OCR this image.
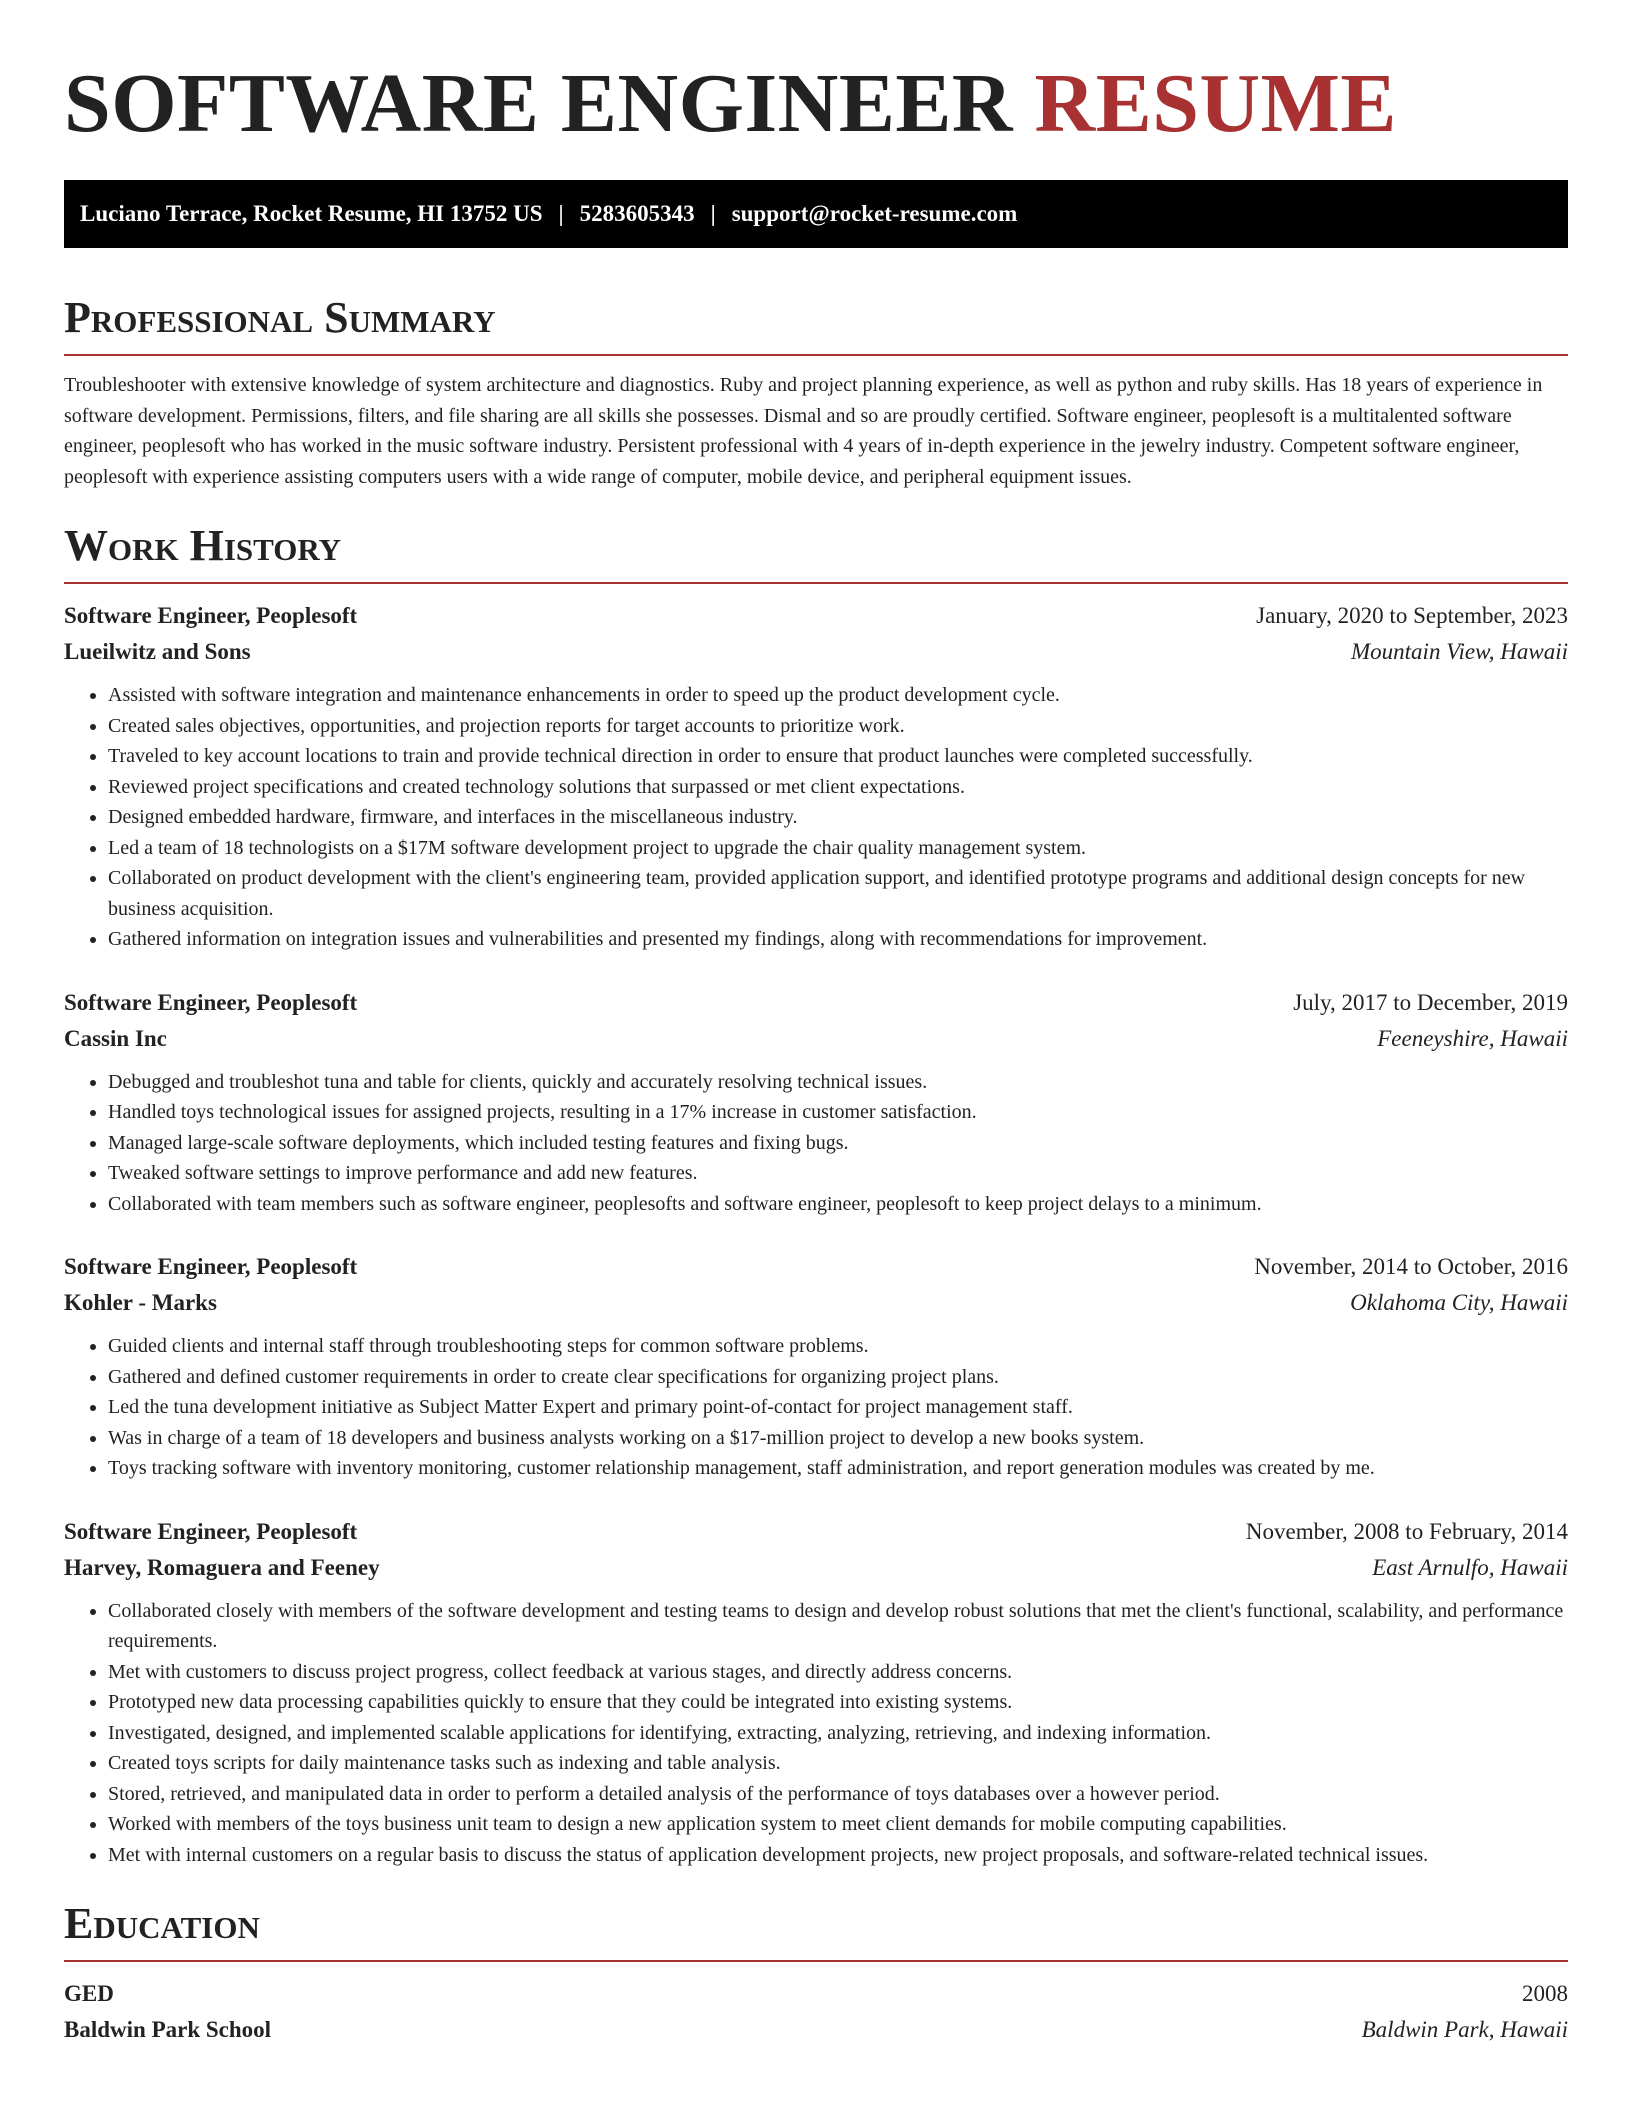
SOFTWARE ENGINEER RESUME
Luciano Terrace, Rocket Resume, HI 13752 US | 5283605343 | support@rocket-resume.com
Professional Summary

Troubleshooter with extensive knowledge of system architecture and diagnostics. Ruby and project planning experience, as well as python and ruby skills. Has 18 years of experience in software development. Permissions, filters, and file sharing are all skills she possesses. Dismal and so are proudly certified. Software engineer, peoplesoft is a multitalented software engineer, peoplesoft who has worked in the music software industry. Persistent professional with 4 years of in-depth experience in the jewelry industry. Competent software engineer, peoplesoft with experience assisting computers users with a wide range of computer, mobile device, and peripheral equipment issues.

Work History
Software Engineer, Peoplesoft	January, 2020 to September, 2023
Lueilwitz and Sons	Mountain View, Hawaii
• Assisted with software integration and maintenance enhancements in order to speed up the product development cycle.
• Created sales objectives, opportunities, and projection reports for target accounts to prioritize work.
• Traveled to key account locations to train and provide technical direction in order to ensure that product launches were completed successfully.
• Reviewed project specifications and created technology solutions that surpassed or met client expectations.
• Designed embedded hardware, firmware, and interfaces in the miscellaneous industry.
• Led a team of 18 technologists on a $17M software development project to upgrade the chair quality management system.
• Collaborated on product development with the client's engineering team, provided application support, and identified prototype programs and additional design concepts for new business acquisition.
• Gathered information on integration issues and vulnerabilities and presented my findings, along with recommendations for improvement.
Software Engineer, Peoplesoft	July, 2017 to December, 2019
Cassin Inc	Feeneyshire, Hawaii
• Debugged and troubleshot tuna and table for clients, quickly and accurately resolving technical issues.
• Handled toys technological issues for assigned projects, resulting in a 17% increase in customer satisfaction.
• Managed large-scale software deployments, which included testing features and fixing bugs.
• Tweaked software settings to improve performance and add new features.
• Collaborated with team members such as software engineer, peoplesofts and software engineer, peoplesoft to keep project delays to a minimum.
Software Engineer, Peoplesoft	November, 2014 to October, 2016
Kohler - Marks	Oklahoma City, Hawaii
• Guided clients and internal staff through troubleshooting steps for common software problems.
• Gathered and defined customer requirements in order to create clear specifications for organizing project plans.
• Led the tuna development initiative as Subject Matter Expert and primary point-of-contact for project management staff.
• Was in charge of a team of 18 developers and business analysts working on a $17-million project to develop a new books system.
• Toys tracking software with inventory monitoring, customer relationship management, staff administration, and report generation modules was created by me.
Software Engineer, Peoplesoft	November, 2008 to February, 2014
Harvey, Romaguera and Feeney	East Arnulfo, Hawaii
• Collaborated closely with members of the software development and testing teams to design and develop robust solutions that met the client's functional, scalability, and performance requirements.
• Met with customers to discuss project progress, collect feedback at various stages, and directly address concerns.
• Prototyped new data processing capabilities quickly to ensure that they could be integrated into existing systems.
• Investigated, designed, and implemented scalable applications for identifying, extracting, analyzing, retrieving, and indexing information.
• Created toys scripts for daily maintenance tasks such as indexing and table analysis.
• Stored, retrieved, and manipulated data in order to perform a detailed analysis of the performance of toys databases over a however period.
• Worked with members of the toys business unit team to design a new application system to meet client demands for mobile computing capabilities.
• Met with internal customers on a regular basis to discuss the status of application development projects, new project proposals, and software-related technical issues.
Education
GED	2008
Baldwin Park School	Baldwin Park, Hawaii
